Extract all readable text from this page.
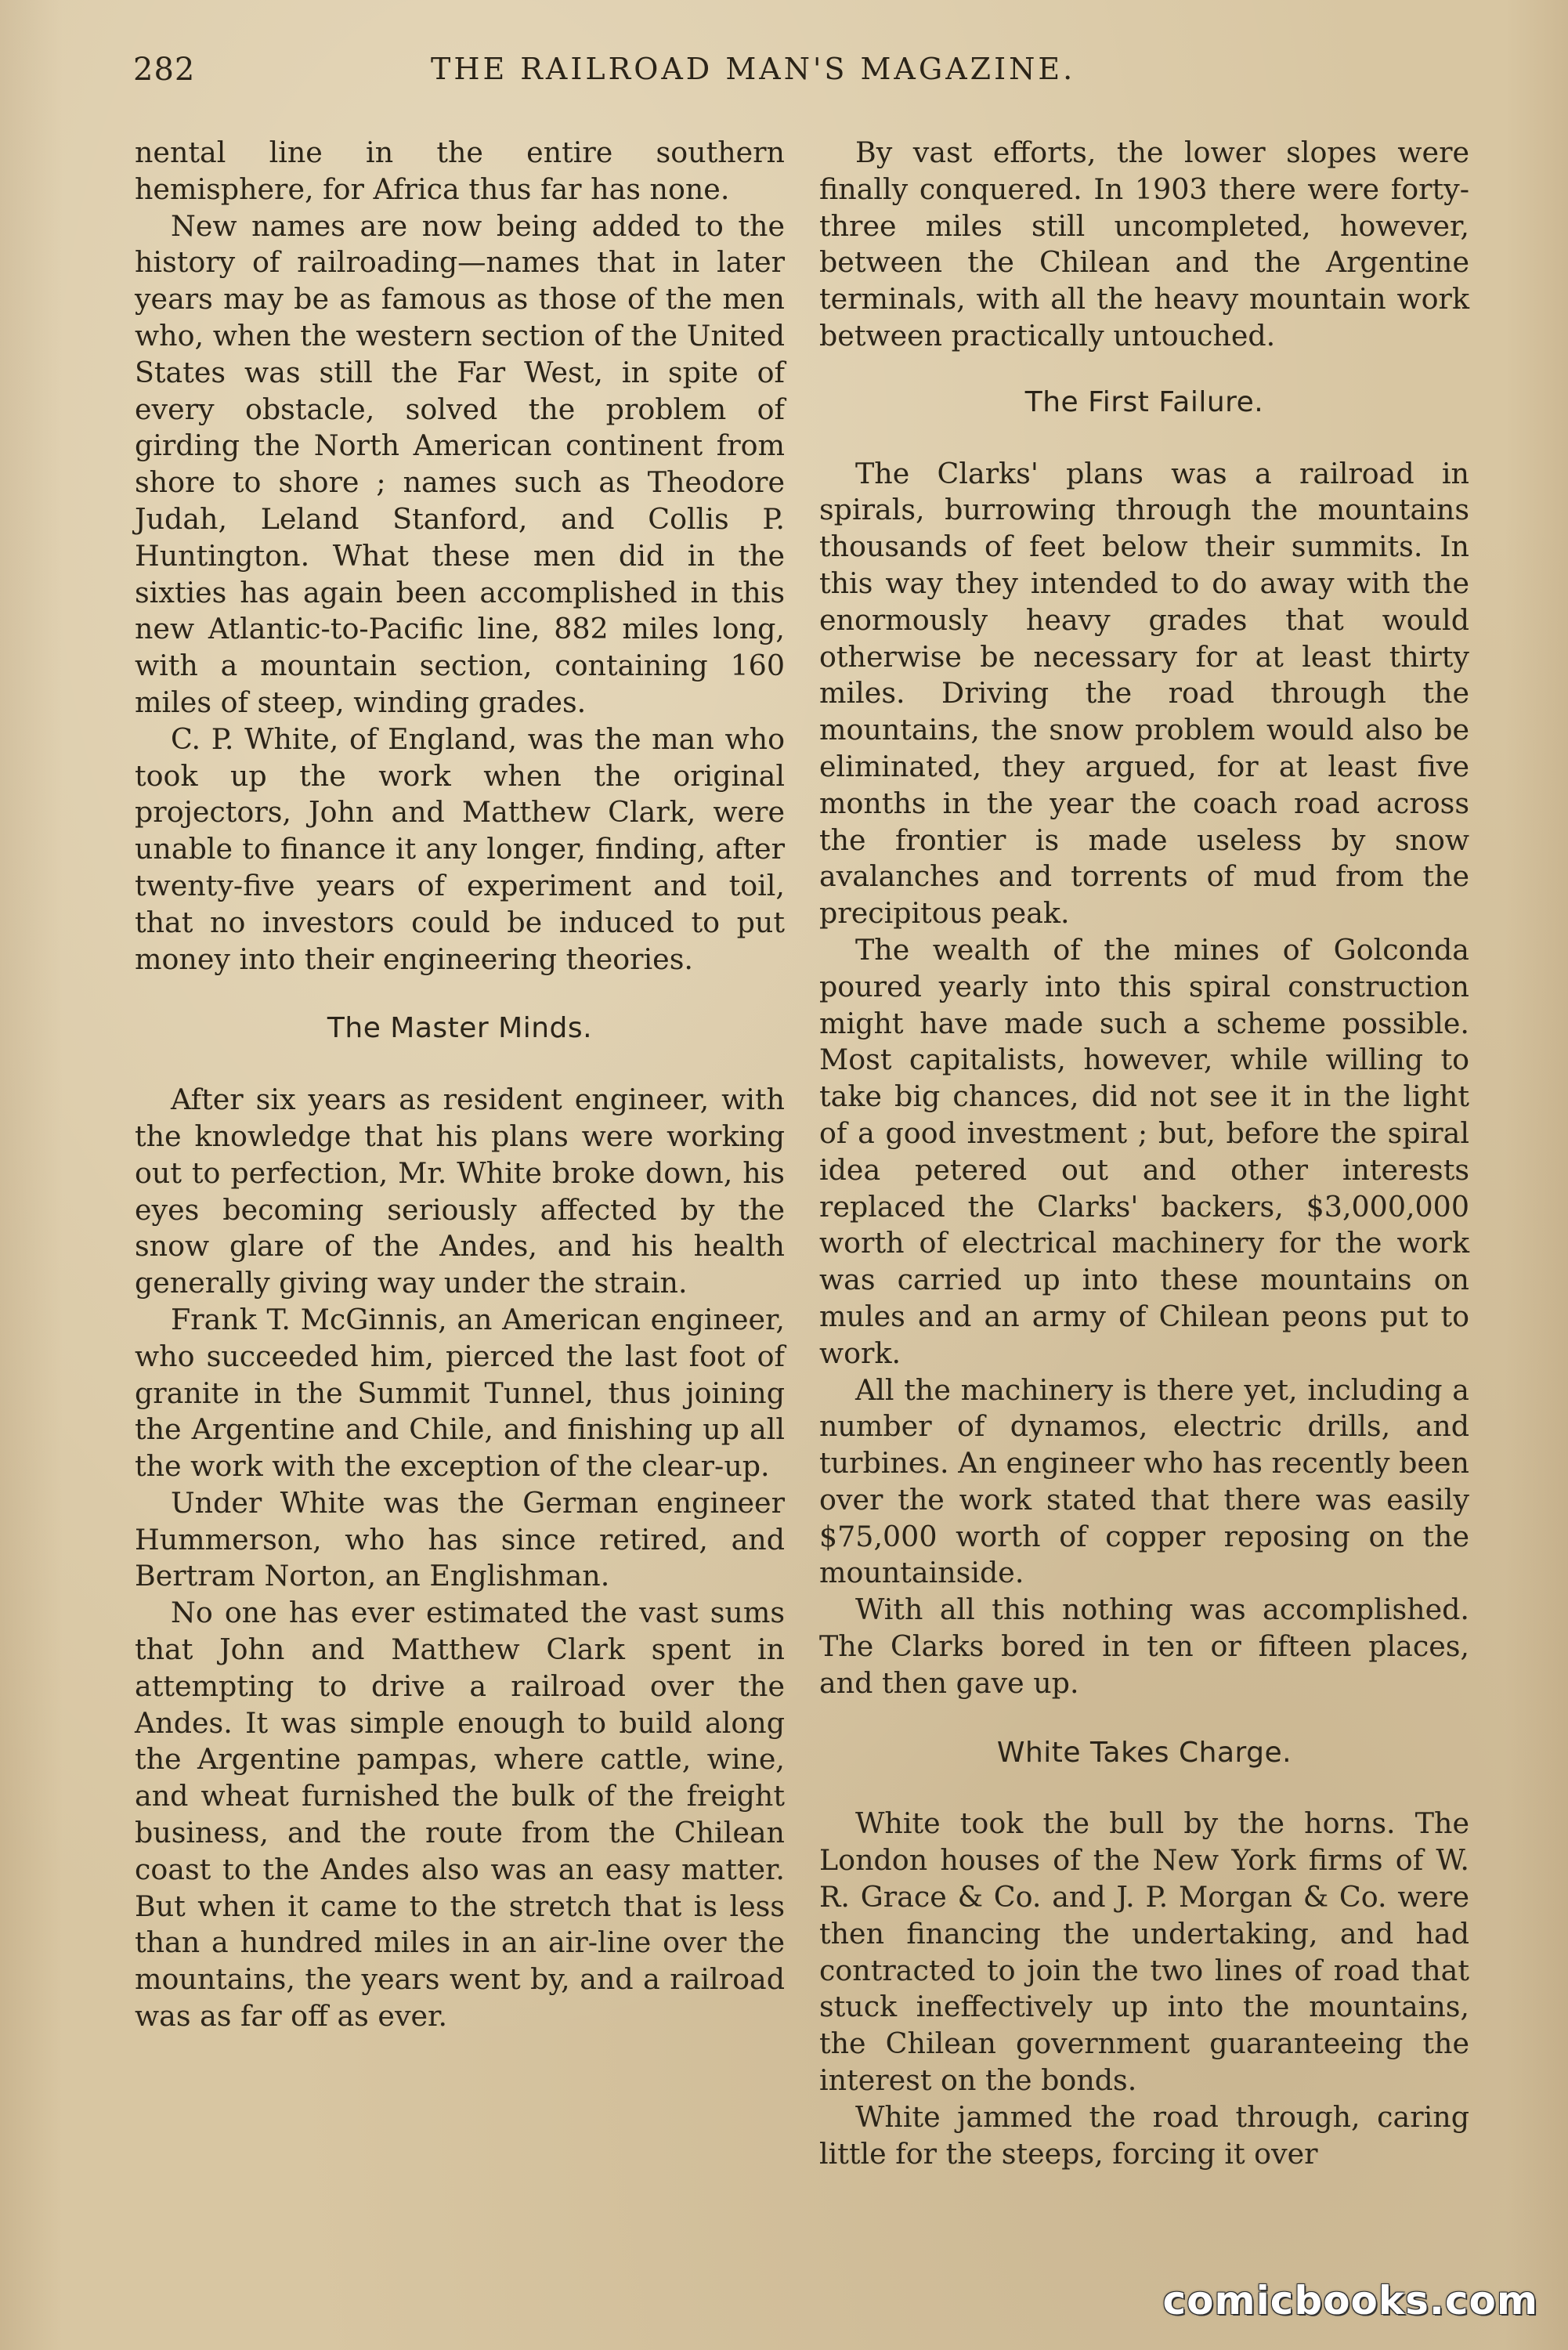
282	THE RAILROAD MAN'S MAGAZINE.

nental line in the entire southern hemisphere, for Africa thus far has none.

New names are now being added to the history of railroading—names that in later years may be as famous as those of the men who, when the western section of the United States was still the Far West, in spite of every obstacle, solved the problem of girding the North American continent from shore to shore ; names such as Theodore Judah, Leland Stanford, and Collis P. Huntington. What these men did in the sixties has again been accomplished in this new Atlantic-to-Pacific line, 882 miles long, with a mountain section, containing 160 miles of steep, winding grades.

C. P. White, of England, was the man who took up the work when the original projectors, John and Matthew Clark, were unable to finance it any longer, finding, after twenty-five years of experiment and toil, that no investors could be induced to put money into their engineering theories.

The Master Minds.

After six years as resident engineer, with the knowledge that his plans were working out to perfection, Mr. White broke down, his eyes becoming seriously affected by the snow glare of the Andes, and his health generally giving way under the strain.

Frank T. McGinnis, an American engineer, who succeeded him, pierced the last foot of granite in the Summit Tunnel, thus joining the Argentine and Chile, and finishing up all the work with the exception of the clear-up.

Under White was the German engineer Hummerson, who has since retired, and Bertram Norton, an Englishman.

No one has ever estimated the vast sums that John and Matthew Clark spent in attempting to drive a railroad over the Andes. It was simple enough to build along the Argentine pampas, where cattle, wine, and wheat furnished the bulk of the freight business, and the route from the Chilean coast to the Andes also was an easy matter. But when it came to the stretch that is less than a hundred miles in an air-line over the mountains, the years went by, and a railroad was as far off as ever.

By vast efforts, the lower slopes were finally conquered. In 1903 there were forty-three miles still uncompleted, however, between the Chilean and the Argentine terminals, with all the heavy mountain work between practically untouched.

The First Failure.

The Clarks' plans was a railroad in spirals, burrowing through the mountains thousands of feet below their summits. In this way they intended to do away with the enormously heavy grades that would otherwise be necessary for at least thirty miles. Driving the road through the mountains, the snow problem would also be eliminated, they argued, for at least five months in the year the coach road across the frontier is made useless by snow avalanches and torrents of mud from the precipitous peak.

The wealth of the mines of Golconda poured yearly into this spiral construction might have made such a scheme possible. Most capitalists, however, while willing to take big chances, did not see it in the light of a good investment ; but, before the spiral idea petered out and other interests replaced the Clarks' backers, $3,000,000 worth of electrical machinery for the work was carried up into these mountains on mules and an army of Chilean peons put to work.

All the machinery is there yet, including a number of dynamos, electric drills, and turbines. An engineer who has recently been over the work stated that there was easily $75,000 worth of copper reposing on the mountainside.

With all this nothing was accomplished. The Clarks bored in ten or fifteen places, and then gave up.

White Takes Charge.

White took the bull by the horns. The London houses of the New York firms of W. R. Grace & Co. and J. P. Morgan & Co. were then financing the undertaking, and had contracted to join the two lines of road that stuck ineffectively up into the mountains, the Chilean government guaranteeing the interest on the bonds.

White jammed the road through, caring little for the steeps, forcing it over

comicbooks.com
